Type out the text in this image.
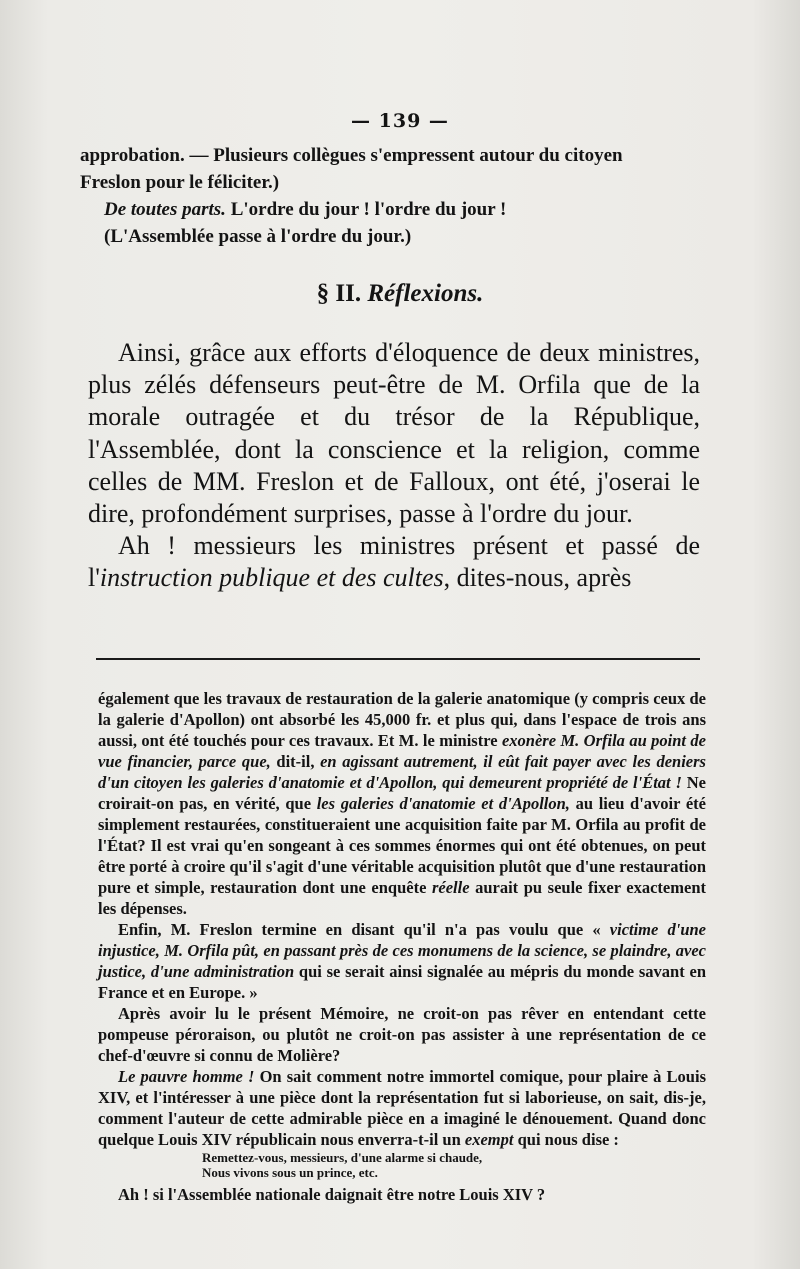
— 139 —

approbation. — Plusieurs collègues s'empressent autour du citoyen

Freslon pour le féliciter.)

De toutes parts. L'ordre du jour ! l'ordre du jour !

(L'Assemblée passe à l'ordre du jour.)

§ II. Réflexions.

Ainsi, grâce aux efforts d'éloquence de deux ministres, plus zélés défenseurs peut-être de M. Orfila que de la morale outragée et du trésor de la République, l'Assemblée, dont la conscience et la religion, comme celles de MM. Freslon et de Falloux, ont été, j'oserai le dire, profondément surprises, passe à l'ordre du jour.

Ah ! messieurs les ministres présent et passé de l'instruction publique et des cultes, dites-nous, après

également que les travaux de restauration de la galerie anatomique (y compris ceux de la galerie d'Apollon) ont absorbé les 45,000 fr. et plus qui, dans l'espace de trois ans aussi, ont été touchés pour ces travaux. Et M. le ministre exonère M. Orfila au point de vue financier, parce que, dit-il, en agissant autrement, il eût fait payer avec les deniers d'un citoyen les galeries d'anatomie et d'Apollon, qui demeurent propriété de l'État ! Ne croirait-on pas, en vérité, que les galeries d'anatomie et d'Apollon, au lieu d'avoir été simplement restaurées, constitueraient une acquisition faite par M. Orfila au profit de l'État? Il est vrai qu'en songeant à ces sommes énormes qui ont été obtenues, on peut être porté à croire qu'il s'agit d'une véritable acquisition plutôt que d'une restauration pure et simple, restauration dont une enquête réelle aurait pu seule fixer exactement les dépenses.

Enfin, M. Freslon termine en disant qu'il n'a pas voulu que « victime d'une injustice, M. Orfila pût, en passant près de ces monumens de la science, se plaindre, avec justice, d'une administration qui se serait ainsi signalée au mépris du monde savant en France et en Europe. »

Après avoir lu le présent Mémoire, ne croit-on pas rêver en entendant cette pompeuse péroraison, ou plutôt ne croit-on pas assister à une représentation de ce chef-d'œuvre si connu de Molière?

Le pauvre homme ! On sait comment notre immortel comique, pour plaire à Louis XIV, et l'intéresser à une pièce dont la représentation fut si laborieuse, on sait, dis-je, comment l'auteur de cette admirable pièce en a imaginé le dénouement. Quand donc quelque Louis XIV républicain nous enverra-t-il un exempt qui nous dise :

Remettez-vous, messieurs, d'une alarme si chaude,

Nous vivons sous un prince, etc.

Ah ! si l'Assemblée nationale daignait être notre Louis XIV ?
